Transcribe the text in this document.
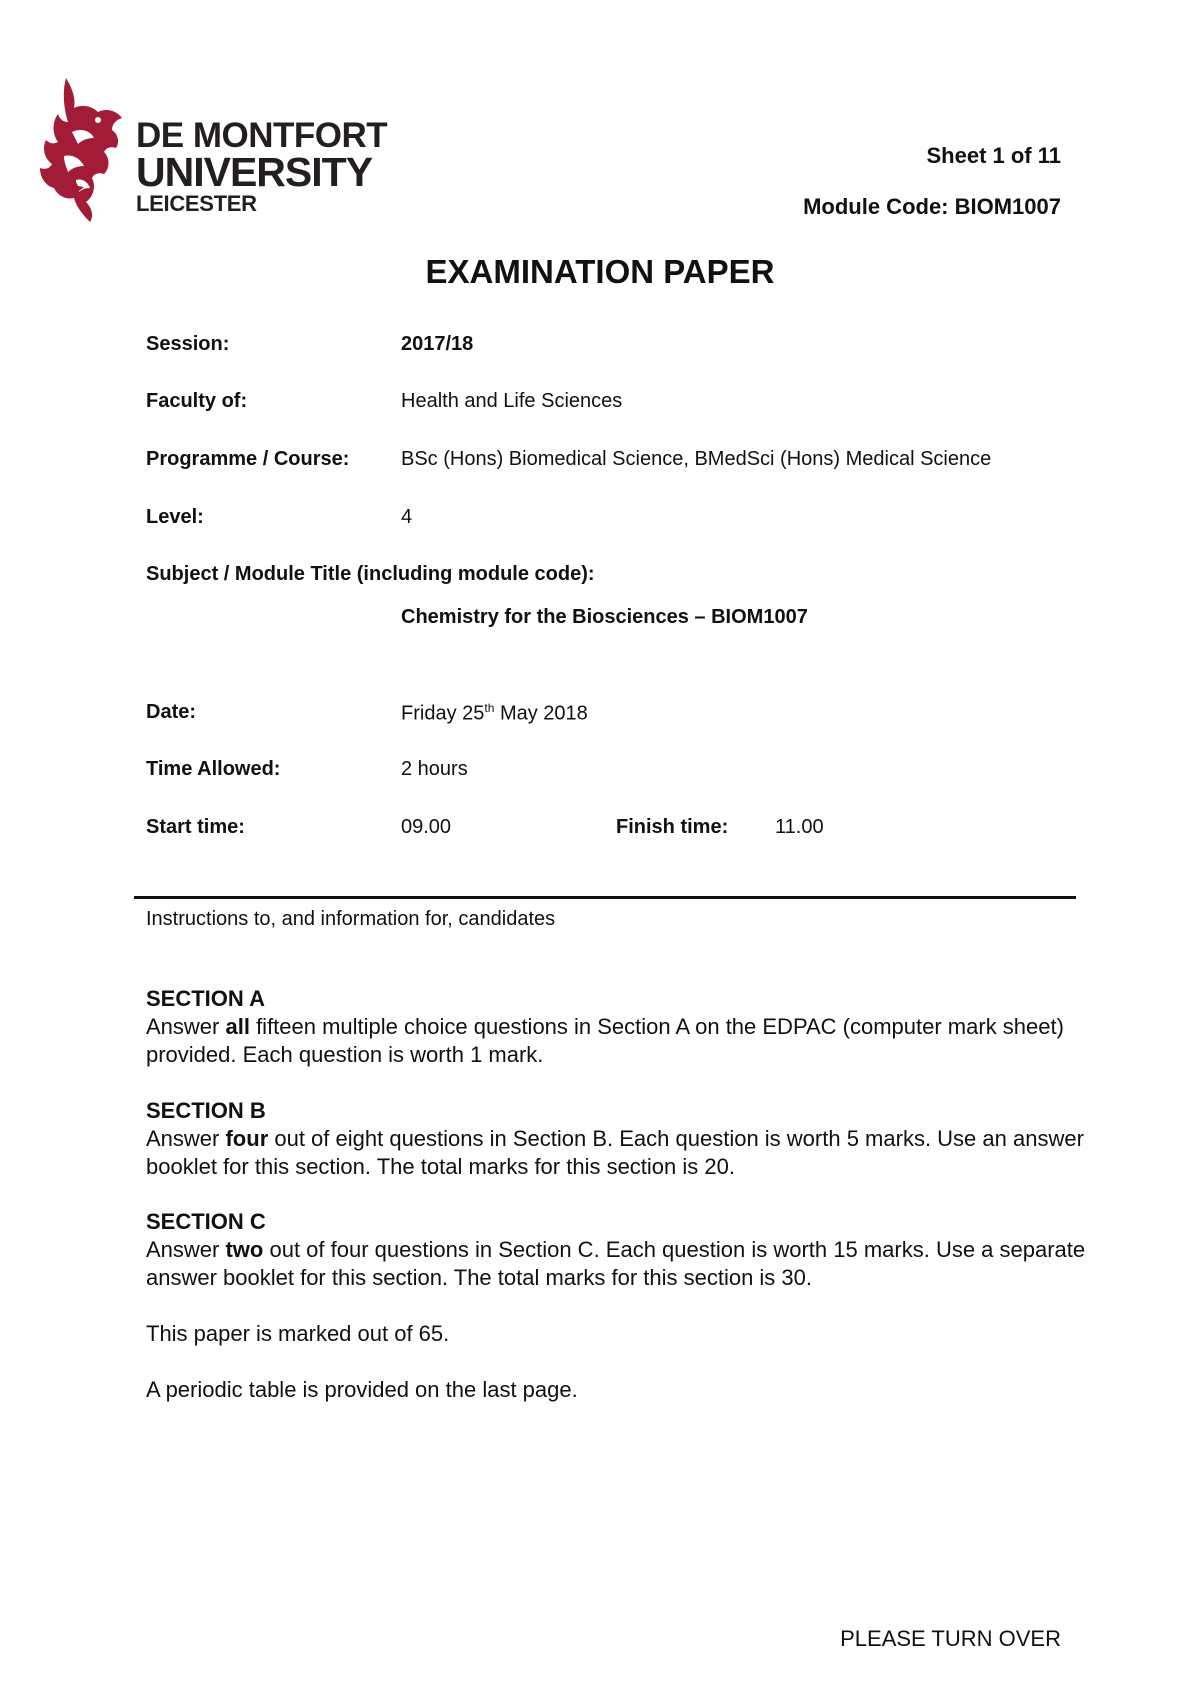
DE MONTFORT
UNIVERSITY
LEICESTER
Sheet 1 of 11
Module Code: BIOM1007
EXAMINATION PAPER
Session:	2017/18
Faculty of:	Health and Life Sciences
Programme / Course:	BSc (Hons) Biomedical Science, BMedSci (Hons) Medical Science
Level:	4
Subject / Module Title (including module code):
Chemistry for the Biosciences – BIOM1007
Date:	Friday 25th May 2018
Time Allowed:	2 hours
Start time:	09.00	Finish time: 11.00
Instructions to, and information for, candidates
SECTION A
Answer all fifteen multiple choice questions in Section A on the EDPAC (computer mark sheet) provided. Each question is worth 1 mark.
SECTION B
Answer four out of eight questions in Section B. Each question is worth 5 marks. Use an answer booklet for this section. The total marks for this section is 20.
SECTION C
Answer two out of four questions in Section C. Each question is worth 15 marks. Use a separate answer booklet for this section. The total marks for this section is 30.
This paper is marked out of 65.
A periodic table is provided on the last page.
PLEASE TURN OVER
